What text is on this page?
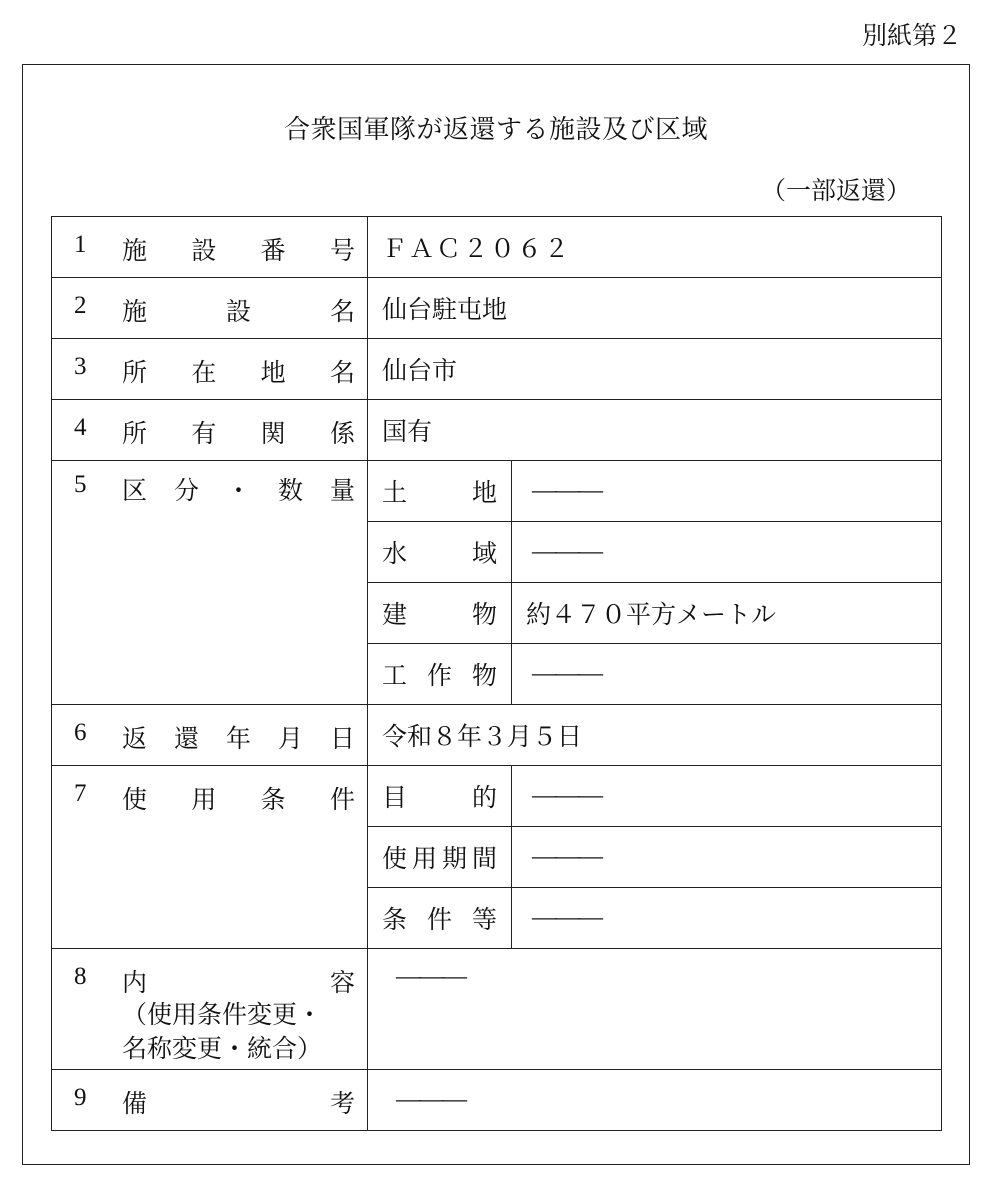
別紙第２
合衆国軍隊が返還する施設及び区域
（一部返還）
1 施設番号	ＦＡＣ２０６２	

2 施設名	仙台駐屯地	

3 所在地名	仙台市	

4 所有関係	国有	

5 区分・数量	土地	―――

	水域	―――

	建物	約４７０平方メートル

	工作物	―――

6 返還年月日	令和８年３月５日	

7 使用条件	目的	―――

	使用期間	―――

	条件等	―――

8 内容
（使用条件変更・
名称変更・統合）	―――	

9 備考	―――	
